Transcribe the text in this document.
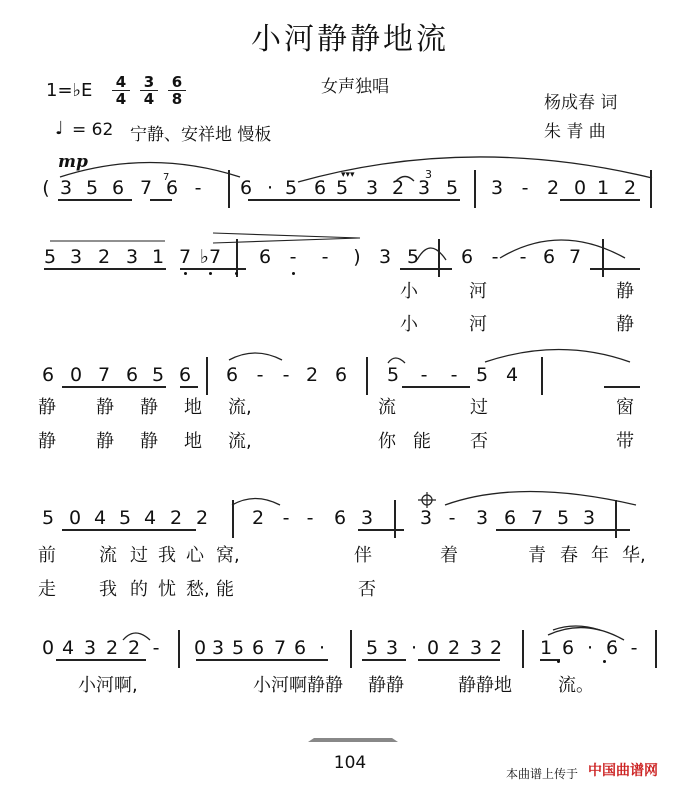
小河静静地流
1=♭E 4
4
3
4
6
8
女声独唱
杨成春 词
朱 青 曲
♩ = 62 宁静、安祥地 慢板
mp
( 3 5 6 7 6 -	6 · 5 6 5 3 2 3 5 3 - 2 0 1 2
5 3 2 3 1 7 ♭7 6 -	-	) 3 5 6 -	- 6 7
小	河	静
小	河	静
6 0 7 6 5 6 6 -	- 2 6 5	-	- 5 4
静 静 静 地 流,	流	过	窗
静 静 静 地 流,	你 能 否	带
5 0 4 5 4 2 2 2 - -	6 3 3 -	3 6 7 5 3
前 流 过 我 心 窝,	伴	着	青 春 年 华,
走 我 的 忧 愁, 能	否
0 4 3 2 2 -	0 3 5 6 7 6 ·	5 3 · 0 2 3 2 1 6 · 6 -
小河啊,	小河啊静静 静静	静静地	流。
3
7	▾▾▾
104
本曲谱上传于 中国曲谱网
